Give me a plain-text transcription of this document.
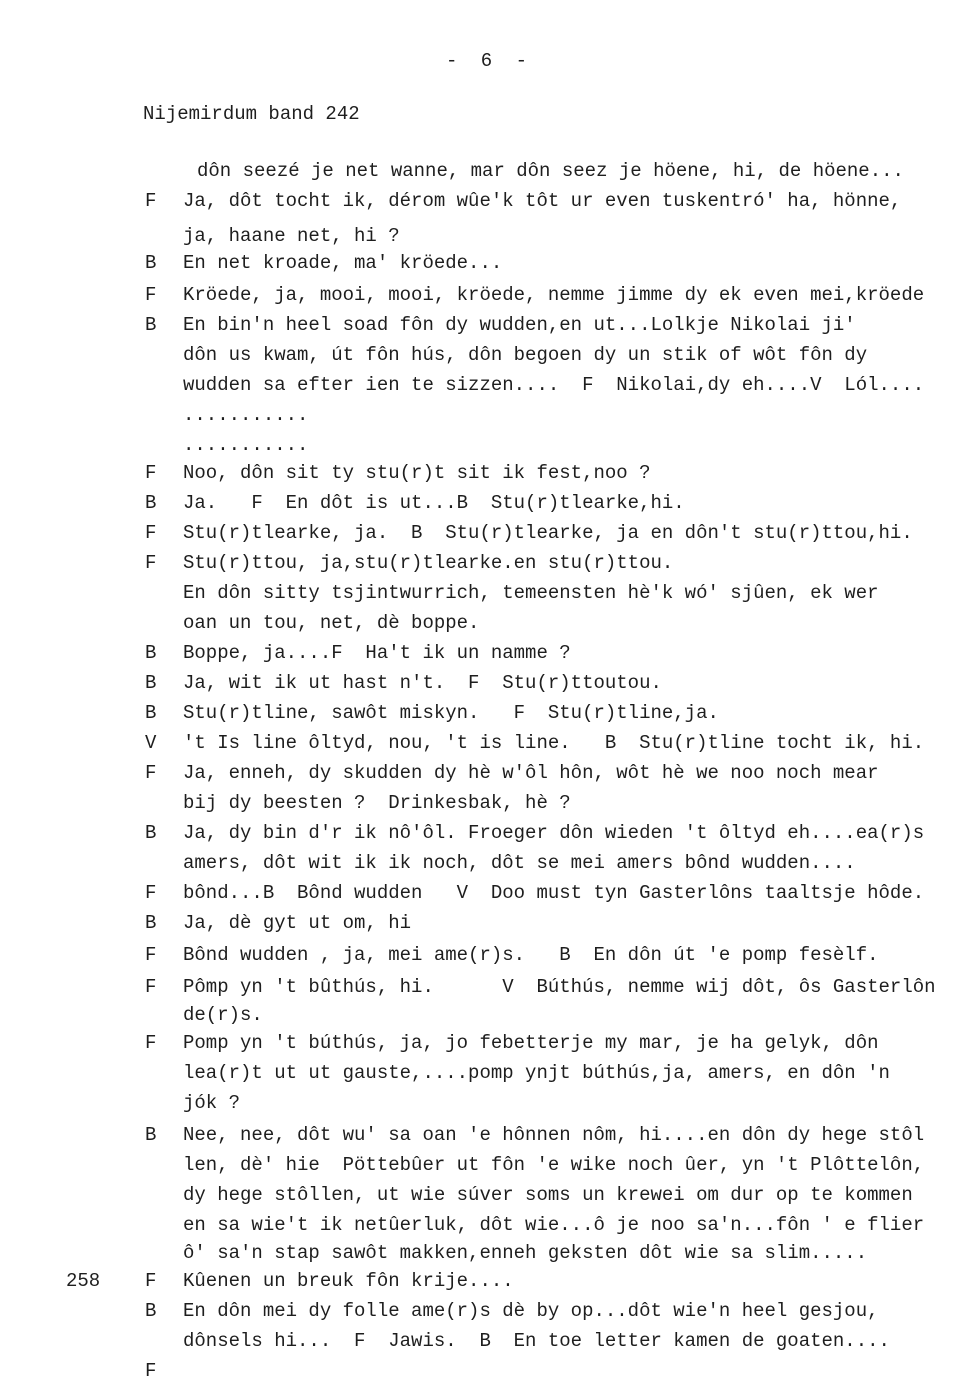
- 6 -
Nijemirdum band 242
dôn seezé je net wanne, mar dôn seez je höene, hi, de höene...
F	Ja, dôt tocht ik, dérom wûe'k tôt ur even tuskentró' ha, hönne,
ja, haane net, hi ?
B	En net kroade, ma' kröede...
F	Kröede, ja, mooi, mooi, kröede, nemme jimme dy ek even mei,kröede
B	En bin'n heel soad fôn dy wudden,en ut...Lolkje Nikolai ji'
dôn us kwam, út fôn hús, dôn begoen dy un stik of wôt fôn dy
wudden sa efter ien te sizzen....  F  Nikolai,dy eh....V  Lól....
...........
...........
F	Noo, dôn sit ty stu(r)t sit ik fest,noo ?
B	Ja.   F  En dôt is ut...B  Stu(r)tlearke,hi.
F	Stu(r)tlearke, ja.  B  Stu(r)tlearke, ja en dôn't stu(r)ttou,hi.
F	Stu(r)ttou, ja,stu(r)tlearke.en stu(r)ttou.
En dôn sitty tsjintwurrich, temeensten hè'k wó' sjûen, ek wer
oan un tou, net, dè boppe.
B	Boppe, ja....F  Ha't ik un namme ?
B	Ja, wit ik ut hast n't.  F  Stu(r)ttoutou.
B	Stu(r)tline, sawôt miskyn.   F  Stu(r)tline,ja.
V	't Is line ôltyd, nou, 't is line.   B  Stu(r)tline tocht ik, hi.
F	Ja, enneh, dy skudden dy hè w'ôl hôn, wôt hè we noo noch mear
bij dy beesten ?  Drinkesbak, hè ?
B	Ja, dy bin d'r ik nô'ôl. Froeger dôn wieden 't ôltyd eh....ea(r)s
amers, dôt wit ik ik noch, dôt se mei amers bônd wudden....
F	bônd...B  Bônd wudden   V  Doo must tyn Gasterlôns taaltsje hôde.
B	Ja, dè gyt ut om, hi
F	Bônd wudden , ja, mei ame(r)s.   B  En dôn út 'e pomp fesèlf.
F	Pômp yn 't bûthús, hi.      V  Búthús, nemme wij dôt, ôs Gasterlôn
de(r)s.
F	Pomp yn 't búthús, ja, jo febetterje my mar, je ha gelyk, dôn
lea(r)t ut ut gauste,....pomp ynjt búthús,ja, amers, en dôn 'n
jók ?
B	Nee, nee, dôt wu' sa oan 'e hônnen nôm, hi....en dôn dy hege stôl
len, dè' hie  Pöttebûer ut fôn 'e wike noch ûer, yn 't Plôttelôn,
dy hege stôllen, ut wie súver soms un krewei om dur op te kommen
en sa wie't ik netûerluk, dôt wie...ô je noo sa'n...fôn ' e flier
ô' sa'n stap sawôt makken,enneh geksten dôt wie sa slim.....
258	F	Kûenen un breuk fôn krije....
B	En dôn mei dy folle ame(r)s dè by op...dôt wie'n heel gesjou,
dônsels hi...  F  Jawis.  B  En toe letter kamen de goaten....
F
